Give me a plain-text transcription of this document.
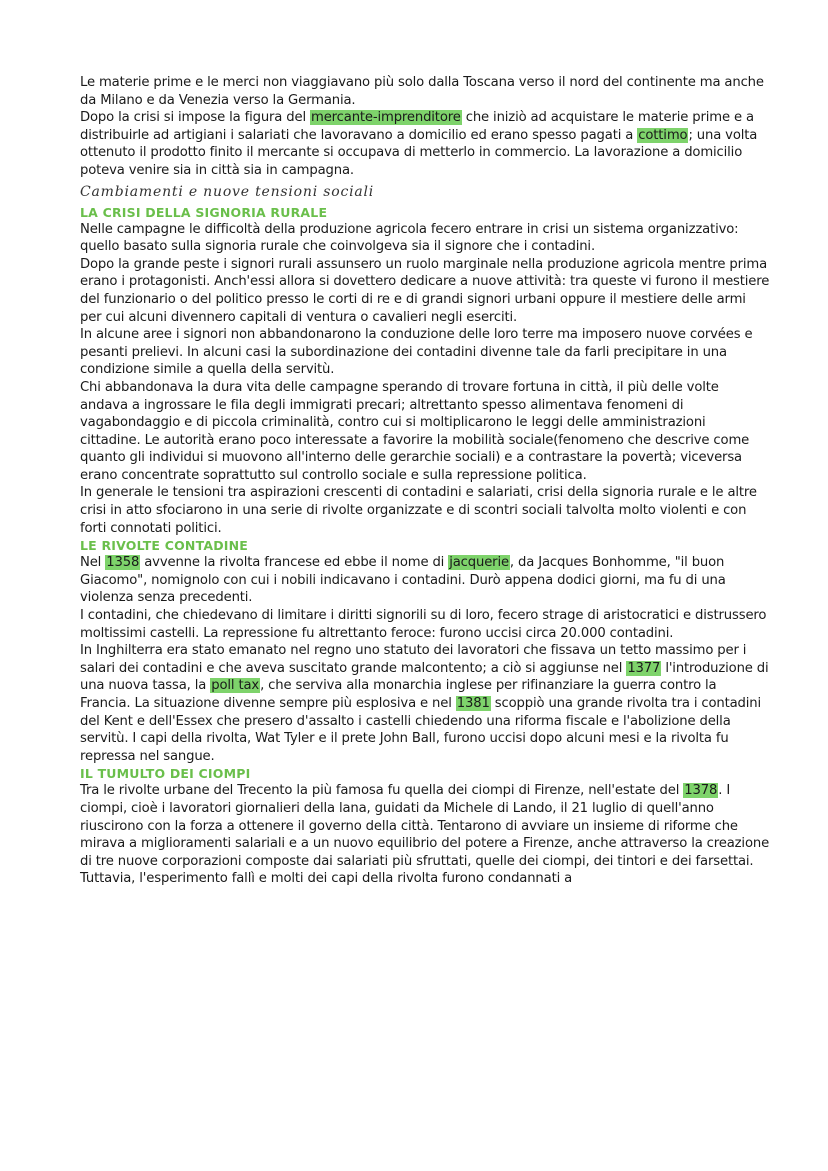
Le materie prime e le merci non viaggiavano più solo dalla Toscana verso il nord del continente ma anche da Milano e da Venezia verso la Germania.

Dopo la crisi si impose la figura del mercante-imprenditore che iniziò ad acquistare le materie prime e a distribuirle ad artigiani i salariati che lavoravano a domicilio ed erano spesso pagati a cottimo; una volta ottenuto il prodotto finito il mercante si occupava di metterlo in commercio. La lavorazione a domicilio poteva venire sia in città sia in campagna.

Cambiamenti e nuove tensioni sociali
LA CRISI DELLA SIGNORIA RURALE

Nelle campagne le difficoltà della produzione agricola fecero entrare in crisi un sistema organizzativo: quello basato sulla signoria rurale che coinvolgeva sia il signore che i contadini.

Dopo la grande peste i signori rurali assunsero un ruolo marginale nella produzione agricola mentre prima erano i protagonisti. Anch'essi allora si dovettero dedicare a nuove attività: tra queste vi furono il mestiere del funzionario o del politico presso le corti di re e di grandi signori urbani oppure il mestiere delle armi per cui alcuni divennero capitali di ventura o cavalieri negli eserciti.

In alcune aree i signori non abbandonarono la conduzione delle loro terre ma imposero nuove corvées e pesanti prelievi. In alcuni casi la subordinazione dei contadini divenne tale da farli precipitare in una condizione simile a quella della servitù.

Chi abbandonava la dura vita delle campagne sperando di trovare fortuna in città, il più delle volte andava a ingrossare le fila degli immigrati precari; altrettanto spesso alimentava fenomeni di vagabondaggio e di piccola criminalità, contro cui si moltiplicarono le leggi delle amministrazioni cittadine. Le autorità erano poco interessate a favorire la mobilità sociale(fenomeno che descrive come quanto gli individui si muovono all'interno delle gerarchie sociali) e a contrastare la povertà; viceversa erano concentrate soprattutto sul controllo sociale e sulla repressione politica.

In generale le tensioni tra aspirazioni crescenti di contadini e salariati, crisi della signoria rurale e le altre crisi in atto sfociarono in una serie di rivolte organizzate e di scontri sociali talvolta molto violenti e con forti connotati politici.

LE RIVOLTE CONTADINE

Nel 1358 avvenne la rivolta francese ed ebbe il nome di jacquerie, da Jacques Bonhomme, "il buon Giacomo", nomignolo con cui i nobili indicavano i contadini. Durò appena dodici giorni, ma fu di una violenza senza precedenti.

I contadini, che chiedevano di limitare i diritti signorili su di loro, fecero strage di aristocratici e distrussero moltissimi castelli. La repressione fu altrettanto feroce: furono uccisi circa 20.000 contadini.

In Inghilterra era stato emanato nel regno uno statuto dei lavoratori che fissava un tetto massimo per i salari dei contadini e che aveva suscitato grande malcontento; a ciò si aggiunse nel 1377 l'introduzione di una nuova tassa, la poll tax, che serviva alla monarchia inglese per rifinanziare la guerra contro la Francia. La situazione divenne sempre più esplosiva e nel 1381 scoppiò una grande rivolta tra i contadini del Kent e dell'Essex che presero d'assalto i castelli chiedendo una riforma fiscale e l'abolizione della servitù. I capi della rivolta, Wat Tyler e il prete John Ball, furono uccisi dopo alcuni mesi e la rivolta fu repressa nel sangue.

IL TUMULTO DEI CIOMPI

Tra le rivolte urbane del Trecento la più famosa fu quella dei ciompi di Firenze, nell'estate del 1378. I ciompi, cioè i lavoratori giornalieri della lana, guidati da Michele di Lando, il 21 luglio di quell'anno riuscirono con la forza a ottenere il governo della città. Tentarono di avviare un insieme di riforme che mirava a miglioramenti salariali e a un nuovo equilibrio del potere a Firenze, anche attraverso la creazione di tre nuove corporazioni composte dai salariati più sfruttati, quelle dei ciompi, dei tintori e dei farsettai. Tuttavia, l'esperimento fallì e molti dei capi della rivolta furono condannati a
